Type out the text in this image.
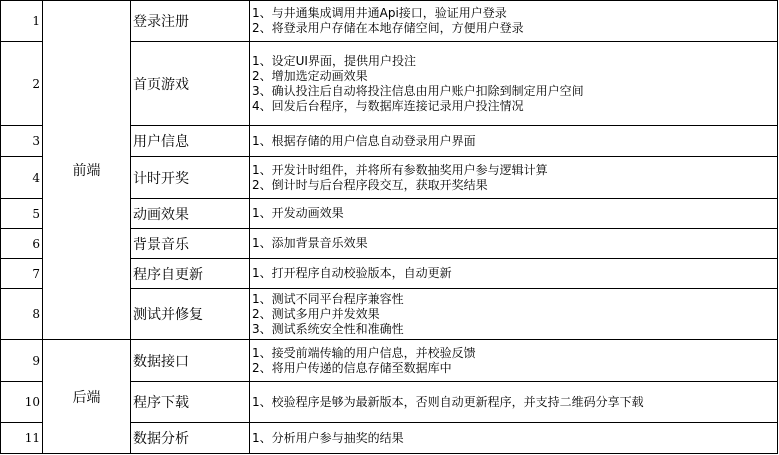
1	前端	登录注册	1、与井通集成调用井通Api接口，验证用户登录
2、将登录用户存储在本地存储空间，方便用户登录

2		首页游戏	1、设定UI界面，提供用户投注
2、增加选定动画效果
3、确认投注后自动将投注信息由用户账户扣除到制定用户空间
4、回发后台程序，与数据库连接记录用户投注情况

3		用户信息	1、根据存储的用户信息自动登录用户界面

4		计时开奖	1、开发计时组件，并将所有参数抽奖用户参与逻辑计算
2、倒计时与后台程序段交互，获取开奖结果

5		动画效果	1、开发动画效果

6		背景音乐	1、添加背景音乐效果

7		程序自更新	1、打开程序自动校验版本，自动更新

8		测试并修复	1、测试不同平台程序兼容性
2、测试多用户并发效果
3、测试系统安全性和准确性

9	后端	数据接口	1、接受前端传输的用户信息，并校验反馈
2、将用户传递的信息存储至数据库中

10		程序下载	1、校验程序是够为最新版本，否则自动更新程序，并支持二维码分享下载

11		数据分析	1、分析用户参与抽奖的结果
